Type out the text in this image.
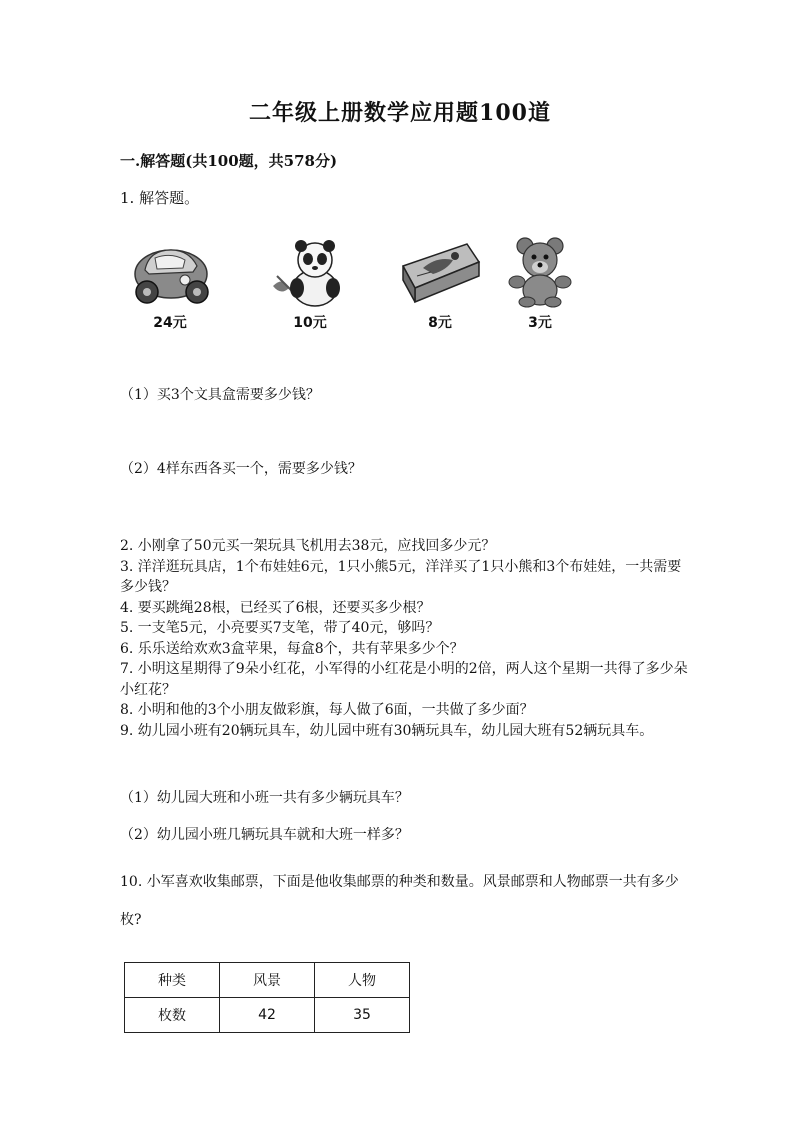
二年级上册数学应用题100道
一.解答题(共100题，共578分)
1. 解答题。
24元	10元	8元	3元
（1）买3个文具盒需要多少钱？
（2）4样东西各买一个，需要多少钱？

2. 小刚拿了50元买一架玩具飞机用去38元，应找回多少元？

3. 洋洋逛玩具店，1个布娃娃6元，1只小熊5元，洋洋买了1只小熊和3个布娃娃，一共需要多少钱？

4. 要买跳绳28根，已经买了6根，还要买多少根？

5. 一支笔5元，小亮要买7支笔，带了40元，够吗？

6. 乐乐送给欢欢3盒苹果，每盒8个，共有苹果多少个？

7. 小明这星期得了9朵小红花，小军得的小红花是小明的2倍，两人这个星期一共得了多少朵小红花？

8. 小明和他的3个小朋友做彩旗，每人做了6面，一共做了多少面？

9. 幼儿园小班有20辆玩具车，幼儿园中班有30辆玩具车，幼儿园大班有52辆玩具车。

（1）幼儿园大班和小班一共有多少辆玩具车？
（2）幼儿园小班几辆玩具车就和大班一样多？
10. 小军喜欢收集邮票，下面是他收集邮票的种类和数量。风景邮票和人物邮票一共有多少枚?
种类	风景	人物
枚数	42	35
